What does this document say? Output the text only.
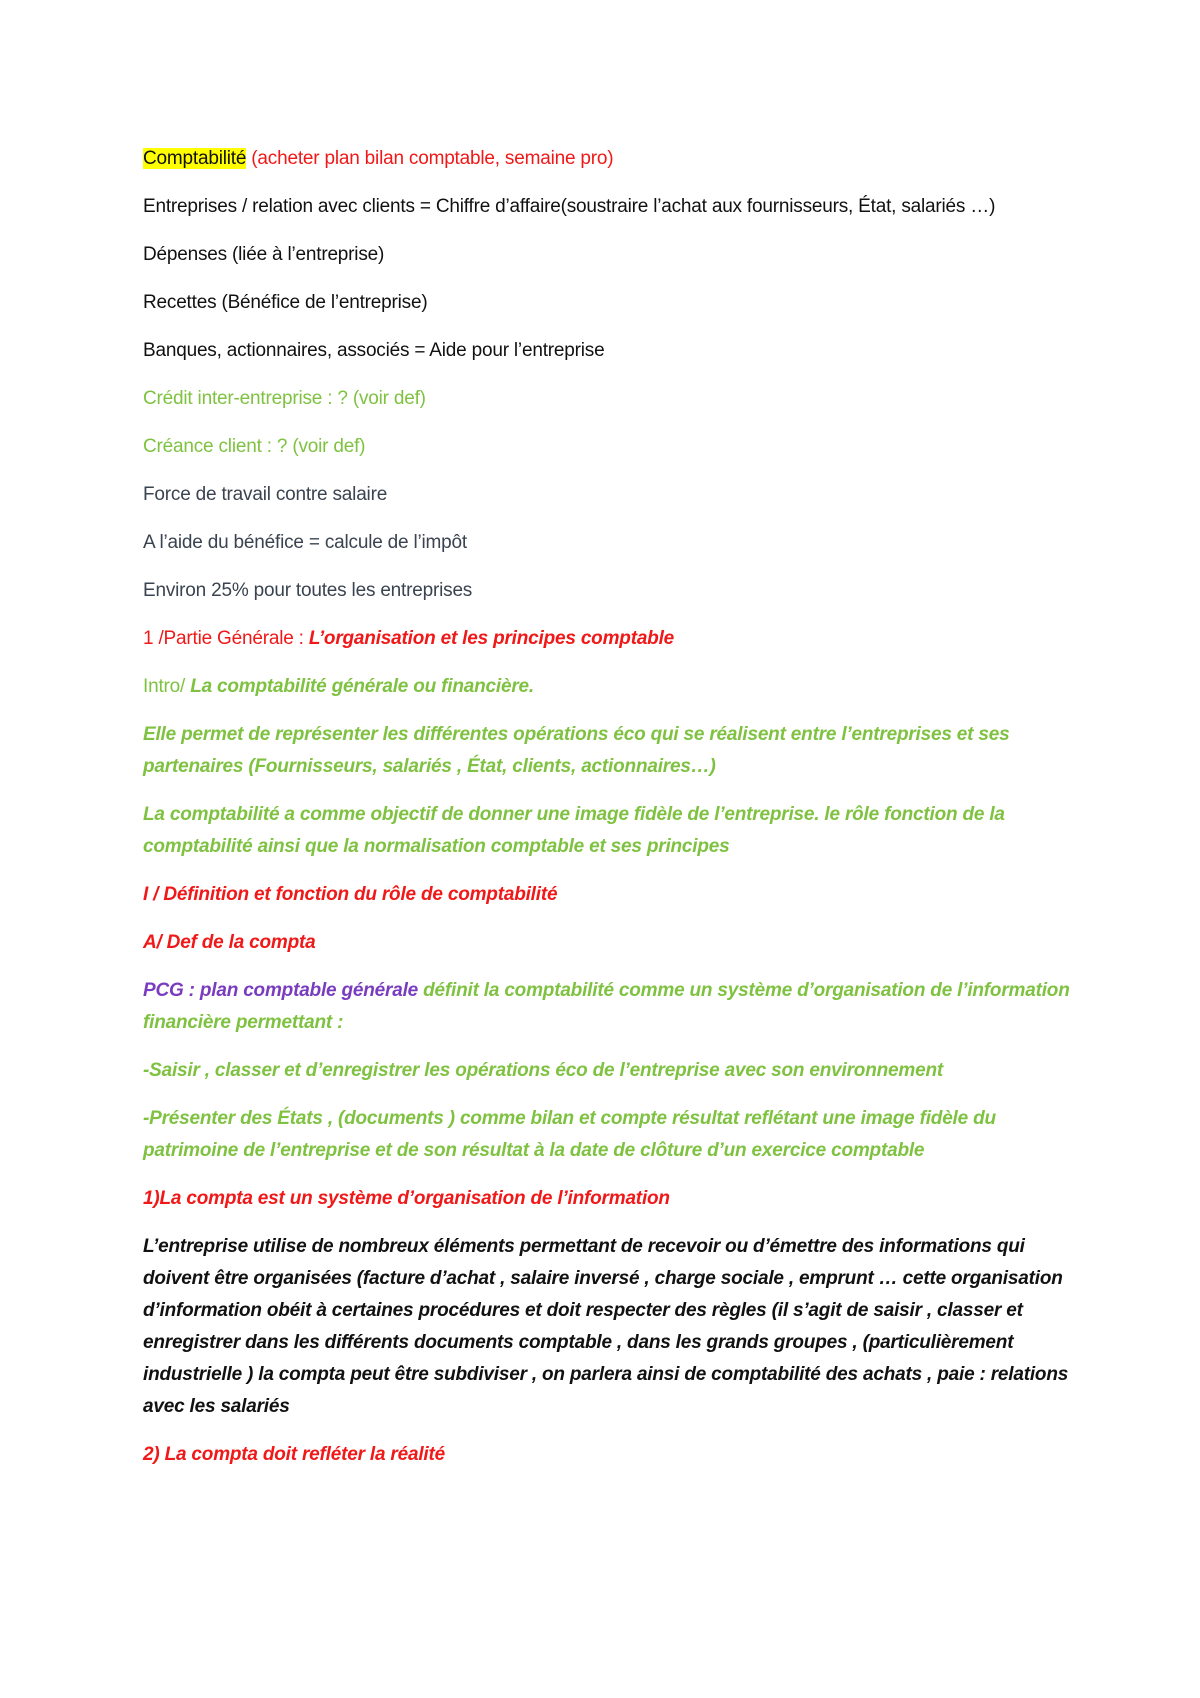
Comptabilité (acheter plan bilan comptable, semaine pro)

Entreprises / relation avec clients = Chiffre d’affaire(soustraire l’achat aux fournisseurs, État, salariés …)

Dépenses (liée à l’entreprise)

Recettes (Bénéfice de l’entreprise)

Banques, actionnaires, associés = Aide pour l’entreprise

Crédit inter-entreprise : ? (voir def)

Créance client : ? (voir def)

Force de travail contre salaire

A l’aide du bénéfice = calcule de l’impôt

Environ 25% pour toutes les entreprises

1 /Partie Générale : L’organisation et les principes comptable

Intro/ La comptabilité générale ou financière.

Elle permet de représenter les différentes opérations éco qui se réalisent entre l’entreprises et ses partenaires (Fournisseurs, salariés , État, clients, actionnaires…)

La comptabilité a comme objectif de donner une image fidèle de l’entreprise. le rôle fonction de la comptabilité ainsi que la normalisation comptable et ses principes

I / Définition et fonction du rôle de comptabilité

A/ Def de la compta

PCG : plan comptable générale définit la comptabilité comme un système d’organisation de l’information financière permettant :

-Saisir , classer et d’enregistrer les opérations éco de l’entreprise avec son environnement

-Présenter des États , (documents ) comme bilan et compte résultat reflétant une image fidèle du patrimoine de l’entreprise et de son résultat à la date de clôture d’un exercice comptable

1)La compta est un système d’organisation de l’information

L’entreprise utilise de nombreux éléments permettant de recevoir ou d’émettre des informations qui doivent être organisées (facture d’achat , salaire inversé , charge sociale , emprunt … cette organisation d’information obéit à certaines procédures et doit respecter des règles (il s’agit de saisir , classer et enregistrer dans les différents documents comptable , dans les grands groupes , (particulièrement industrielle ) la compta peut être subdiviser , on parlera ainsi de comptabilité des achats , paie : relations avec les salariés

2) La compta doit refléter la réalité
